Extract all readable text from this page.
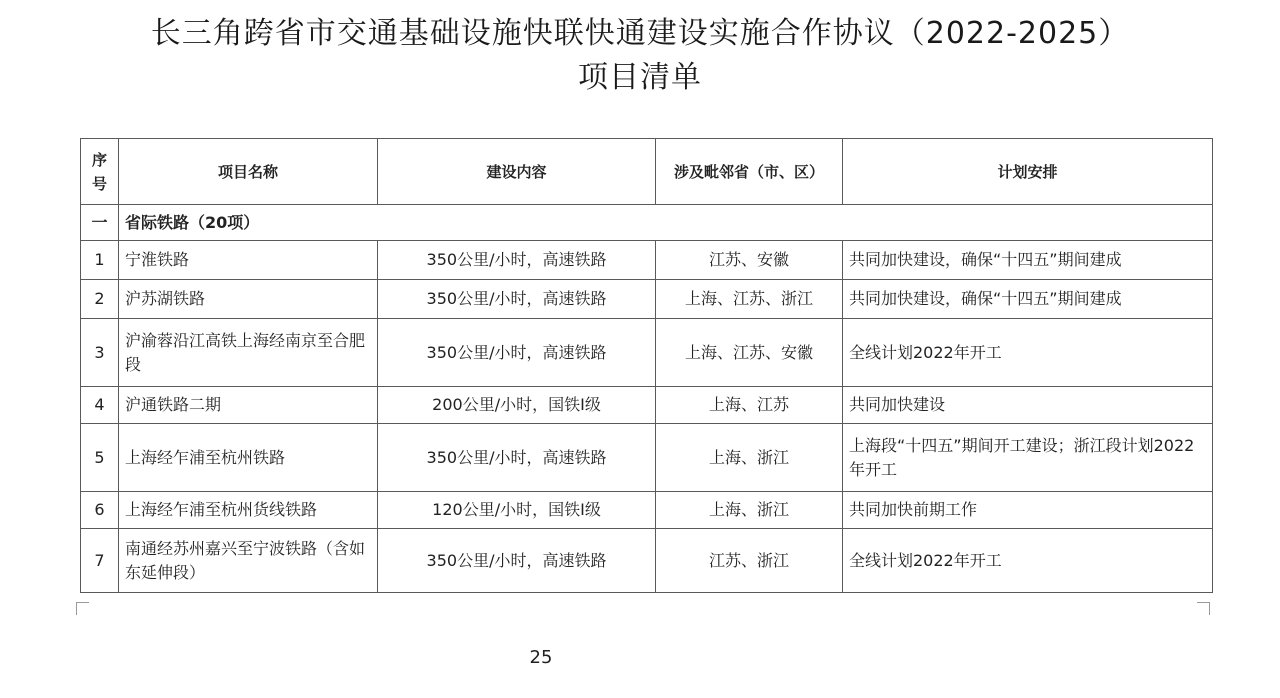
长三角跨省市交通基础设施快联快通建设实施合作协议（2022-2025）
项目清单
序号	项目名称	建设内容	涉及毗邻省（市、区）	计划安排
一	省际铁路（20项）			
1	宁淮铁路	350公里/小时，高速铁路	江苏、安徽	共同加快建设，确保“十四五”期间建成
2	沪苏湖铁路	350公里/小时，高速铁路	上海、江苏、浙江	共同加快建设，确保“十四五”期间建成
3	沪渝蓉沿江高铁上海经南京至合肥段	350公里/小时，高速铁路	上海、江苏、安徽	全线计划2022年开工
4	沪通铁路二期	200公里/小时，国铁I级	上海、江苏	共同加快建设
5	上海经乍浦至杭州铁路	350公里/小时，高速铁路	上海、浙江	上海段“十四五”期间开工建设；浙江段计划2022年开工
6	上海经乍浦至杭州货线铁路	120公里/小时，国铁I级	上海、浙江	共同加快前期工作
7	南通经苏州嘉兴至宁波铁路（含如东延伸段）	350公里/小时，高速铁路	江苏、浙江	全线计划2022年开工
25
